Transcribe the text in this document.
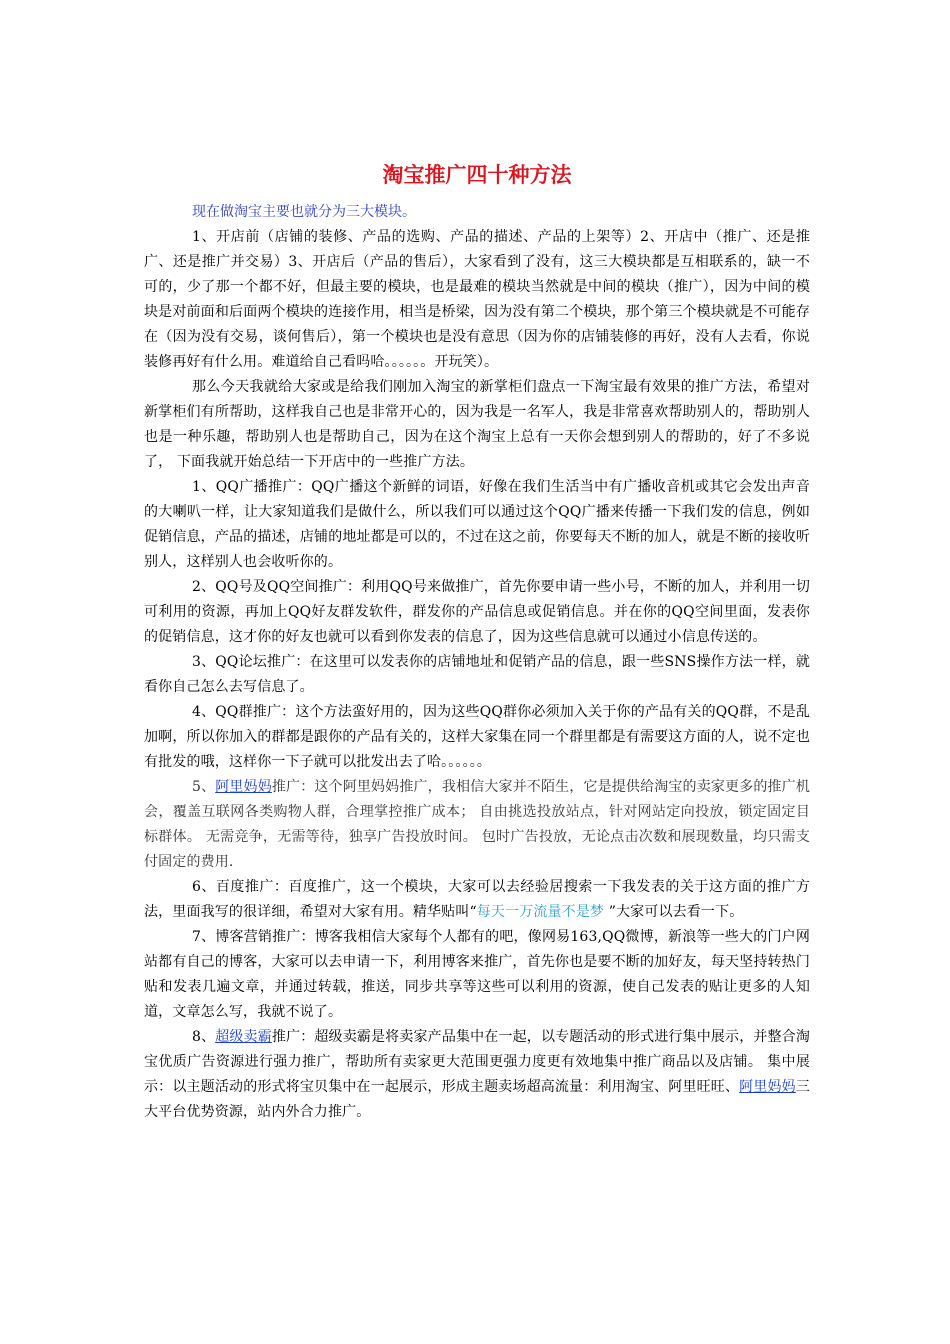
淘宝推广四十种方法

现在做淘宝主要也就分为三大模块。

1、开店前（店铺的装修、产品的选购、产品的描述、产品的上架等）2、开店中（推广、还是推广、还是推广并交易）3、开店后（产品的售后），大家看到了没有，这三大模块都是互相联系的，缺一不可的，少了那一个都不好，但最主要的模块，也是最难的模块当然就是中间的模块（推广），因为中间的模块是对前面和后面两个模块的连接作用，相当是桥梁，因为没有第二个模块，那个第三个模块就是不可能存在（因为没有交易，谈何售后），第一个模块也是没有意思（因为你的店铺装修的再好，没有人去看，你说装修再好有什么用。难道给自己看吗哈。。。。。。开玩笑）。

那么今天我就给大家或是给我们刚加入淘宝的新掌柜们盘点一下淘宝最有效果的推广方法，希望对新掌柜们有所帮助，这样我自己也是非常开心的，因为我是一名军人，我是非常喜欢帮助别人的，帮助别人也是一种乐趣，帮助别人也是帮助自己，因为在这个淘宝上总有一天你会想到别人的帮助的，好了不多说了， 下面我就开始总结一下开店中的一些推广方法。

1、QQ广播推广：QQ广播这个新鲜的词语，好像在我们生活当中有广播收音机或其它会发出声音的大喇叭一样，让大家知道我们是做什么，所以我们可以通过这个QQ广播来传播一下我们发的信息，例如促销信息，产品的描述，店铺的地址都是可以的，不过在这之前，你要每天不断的加人，就是不断的接收听别人，这样别人也会收听你的。

2、QQ号及QQ空间推广：利用QQ号来做推广，首先你要申请一些小号，不断的加人，并利用一切可利用的资源，再加上QQ好友群发软件，群发你的产品信息或促销信息。并在你的QQ空间里面，发表你的促销信息，这才你的好友也就可以看到你发表的信息了，因为这些信息就可以通过小信息传送的。

3、QQ论坛推广：在这里可以发表你的店铺地址和促销产品的信息，跟一些SNS操作方法一样，就看你自己怎么去写信息了。

4、QQ群推广：这个方法蛮好用的，因为这些QQ群你必须加入关于你的产品有关的QQ群，不是乱加啊，所以你加入的群都是跟你的产品有关的，这样大家集在同一个群里都是有需要这方面的人，说不定也有批发的哦，这样你一下子就可以批发出去了哈。。。。。。

5、阿里妈妈推广：这个阿里妈妈推广，我相信大家并不陌生，它是提供给淘宝的卖家更多的推广机会，覆盖互联网各类购物人群，合理掌控推广成本； 自由挑选投放站点，针对网站定向投放，锁定固定目标群体。 无需竞争，无需等待，独享广告投放时间。 包时广告投放，无论点击次数和展现数量，均只需支付固定的费用.

6、百度推广：百度推广，这一个模块，大家可以去经验居搜索一下我发表的关于这方面的推广方法，里面我写的很详细，希望对大家有用。精华贴叫“每天一万流量不是梦 ”大家可以去看一下。

7、博客营销推广：博客我相信大家每个人都有的吧，像网易163,QQ微博，新浪等一些大的门户网站都有自己的博客，大家可以去申请一下，利用博客来推广，首先你也是要不断的加好友，每天坚持转热门贴和发表几遍文章，并通过转载，推送，同步共享等这些可以利用的资源，使自己发表的贴让更多的人知道，文章怎么写，我就不说了。

8、超级卖霸推广：超级卖霸是将卖家产品集中在一起，以专题活动的形式进行集中展示，并整合淘宝优质广告资源进行强力推广，帮助所有卖家更大范围更强力度更有效地集中推广商品以及店铺。 集中展示：以主题活动的形式将宝贝集中在一起展示，形成主题卖场超高流量：利用淘宝、阿里旺旺、阿里妈妈三大平台优势资源，站内外合力推广。
